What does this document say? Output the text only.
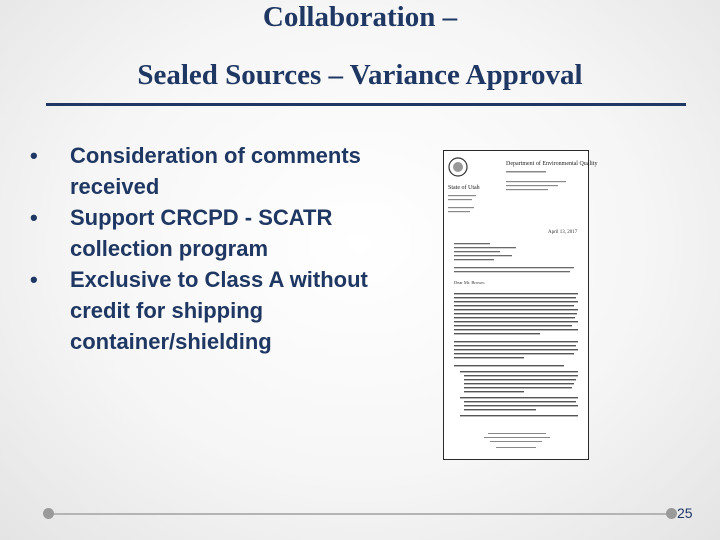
Collaboration –
Sealed Sources – Variance Approval
•	Consideration of comments received
•	Support CRCPD - SCATR collection program
•	Exclusive to Class A without credit for shipping container/shielding
State of Utah
Department of Environmental Quality
April 13, 2017
Dear Mr. Brown:
25
